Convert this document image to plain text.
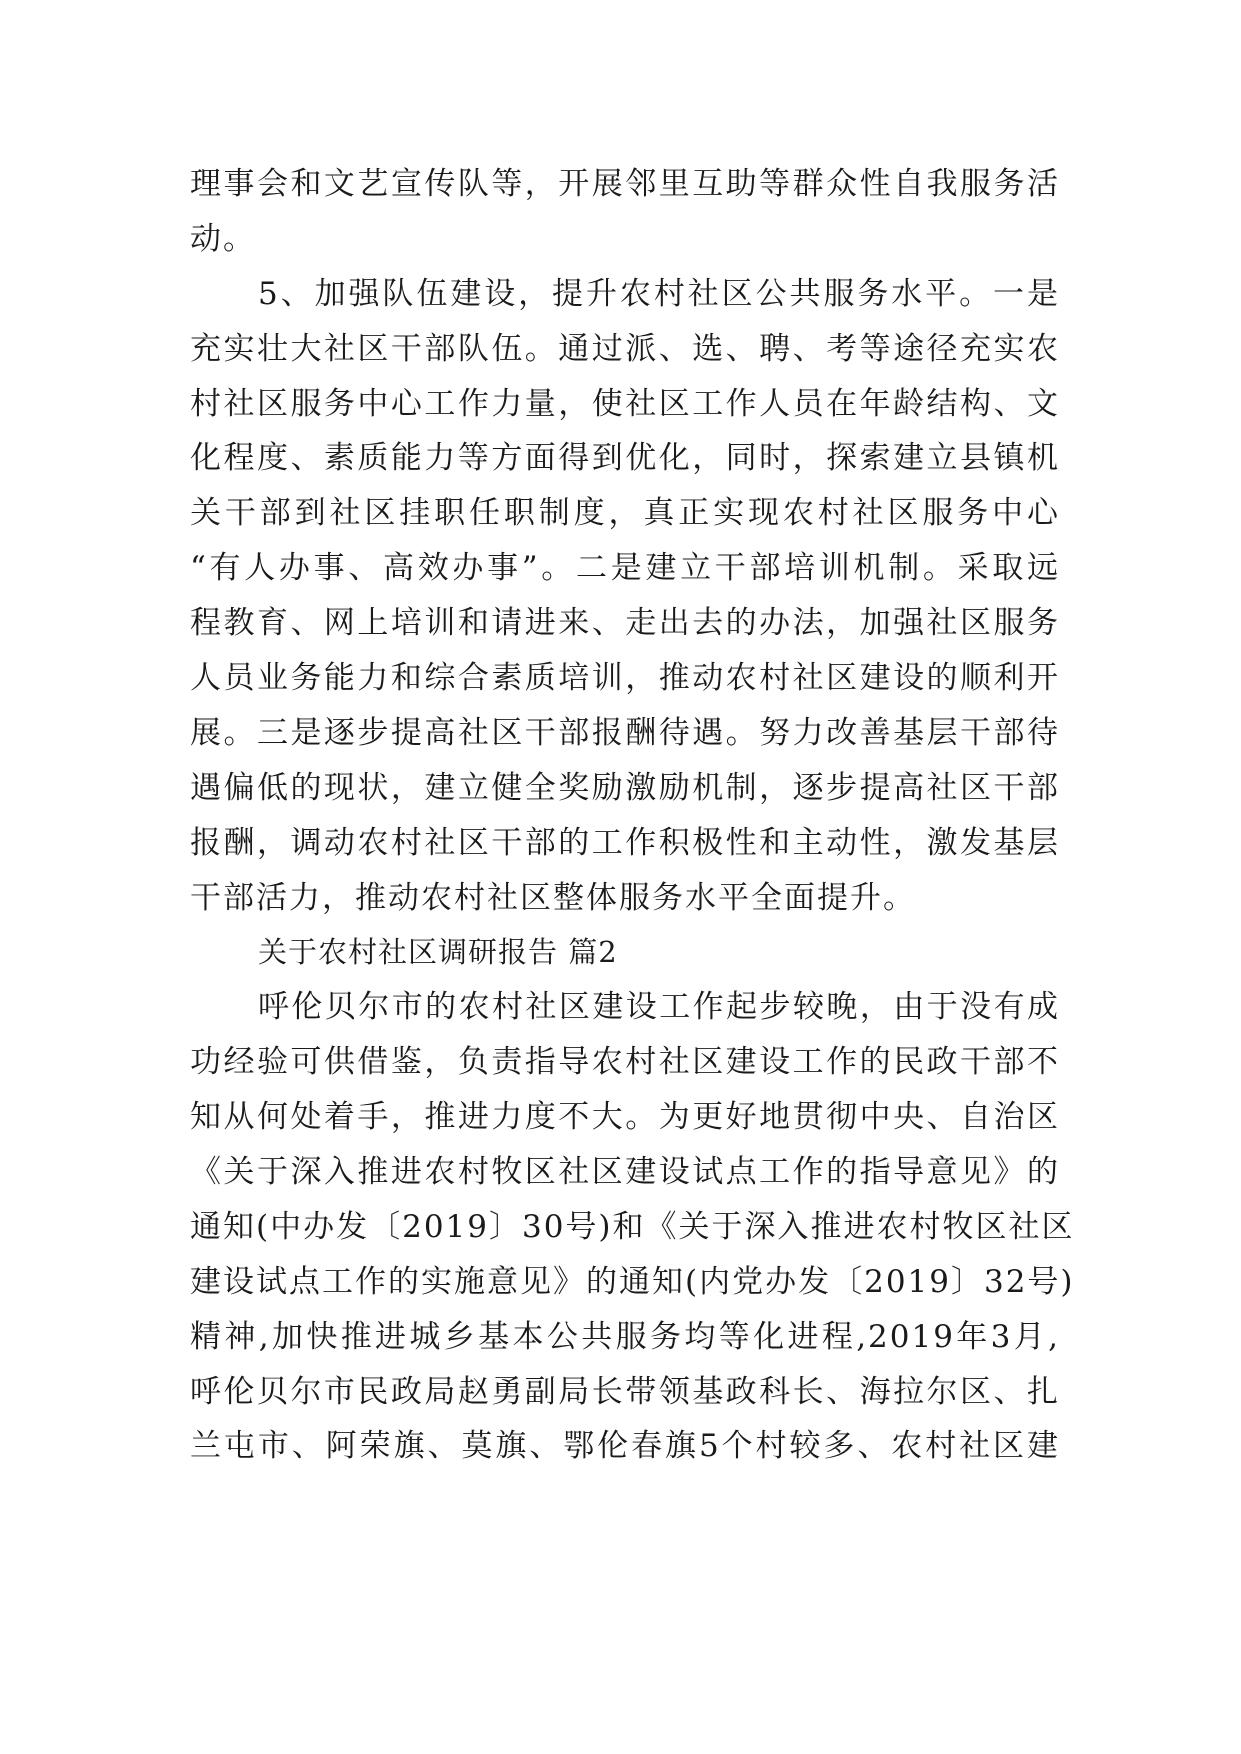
理事会和文艺宣传队等，开展邻里互助等群众性自我服务活
动。
5、加强队伍建设，提升农村社区公共服务水平。一是
充实壮大社区干部队伍。通过派、选、聘、考等途径充实农
村社区服务中心工作力量，使社区工作人员在年龄结构、文
化程度、素质能力等方面得到优化，同时，探索建立县镇机
关干部到社区挂职任职制度，真正实现农村社区服务中心
“有人办事、高效办事”。二是建立干部培训机制。采取远
程教育、网上培训和请进来、走出去的办法，加强社区服务
人员业务能力和综合素质培训，推动农村社区建设的顺利开
展。三是逐步提高社区干部报酬待遇。努力改善基层干部待
遇偏低的现状，建立健全奖励激励机制，逐步提高社区干部
报酬，调动农村社区干部的工作积极性和主动性，激发基层
干部活力，推动农村社区整体服务水平全面提升。
关于农村社区调研报告 篇2
呼伦贝尔市的农村社区建设工作起步较晚，由于没有成
功经验可供借鉴，负责指导农村社区建设工作的民政干部不
知从何处着手，推进力度不大。为更好地贯彻中央、自治区
《关于深入推进农村牧区社区建设试点工作的指导意见》的
通知(中办发〔2019〕30号)和《关于深入推进农村牧区社区
建设试点工作的实施意见》的通知(内党办发〔2019〕32号)
精神,加快推进城乡基本公共服务均等化进程,2019年3月,
呼伦贝尔市民政局赵勇副局长带领基政科长、海拉尔区、扎
兰屯市、阿荣旗、莫旗、鄂伦春旗5个村较多、农村社区建
